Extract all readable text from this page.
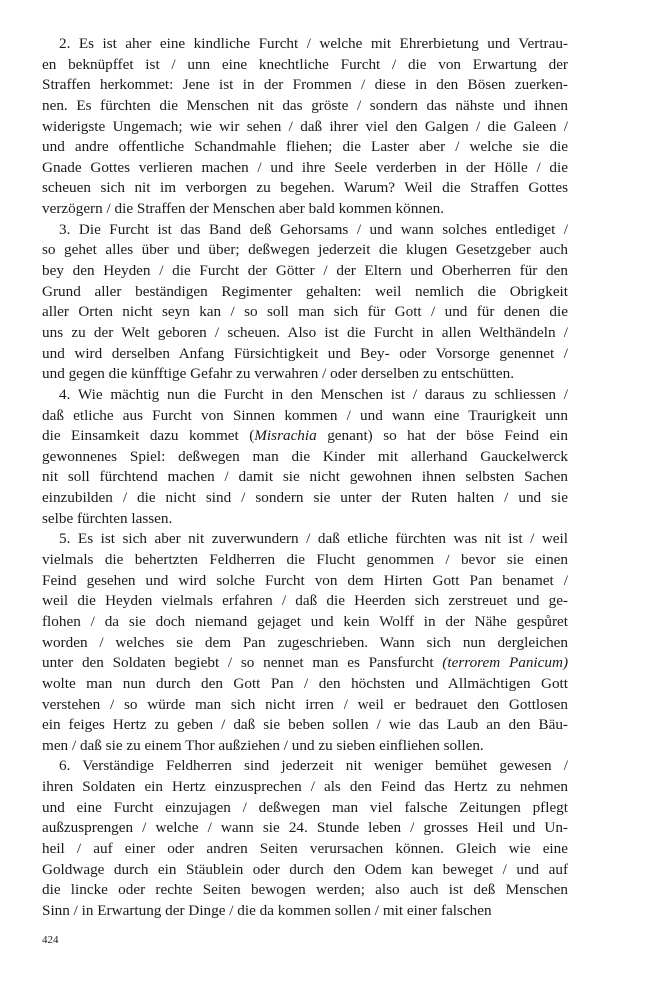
2. Es ist aher eine kindliche Furcht / welche mit Ehrerbietung und Vertrau-
en beknüpffet ist / unn eine knechtliche Furcht / die von Erwartung der
Straffen herkommet: Jene ist in der Frommen / diese in den Bösen zuerken-
nen. Es fürchten die Menschen nit das gröste / sondern das nähste und ihnen
widerigste Ungemach; wie wir sehen / daß ihrer viel den Galgen / die Galeen /
und andre offentliche Schandmahle fliehen; die Laster aber / welche sie die
Gnade Gottes verlieren machen / und ihre Seele verderben in der Hölle / die
scheuen sich nit im verborgen zu begehen. Warum? Weil die Straffen Gottes
verzögern / die Straffen der Menschen aber bald kommen können.
3. Die Furcht ist das Band deß Gehorsams / und wann solches entlediget /
so gehet alles über und über; deßwegen jederzeit die klugen Gesetzgeber auch
bey den Heyden / die Furcht der Götter / der Eltern und Oberherren für den
Grund aller beständigen Regimenter gehalten: weil nemlich die Obrigkeit
aller Orten nicht seyn kan / so soll man sich für Gott / und für denen die
uns zu der Welt geboren / scheuen. Also ist die Furcht in allen Welthändeln /
und wird derselben Anfang Fürsichtigkeit und Bey- oder Vorsorge genennet /
und gegen die künfftige Gefahr zu verwahren / oder derselben zu entschütten.
4. Wie mächtig nun die Furcht in den Menschen ist / daraus zu schliessen /
daß etliche aus Furcht von Sinnen kommen / und wann eine Traurigkeit unn
die Einsamkeit dazu kommet (Misrachia genant) so hat der böse Feind ein
gewonnenes Spiel: deßwegen man die Kinder mit allerhand Gauckelwerck
nit soll fürchtend machen / damit sie nicht gewohnen ihnen selbsten Sachen
einzubilden / die nicht sind / sondern sie unter der Ruten halten / und sie
selbe fürchten lassen.
5. Es ist sich aber nit zuverwundern / daß etliche fürchten was nit ist / weil
vielmals die behertzten Feldherren die Flucht genommen / bevor sie einen
Feind gesehen und wird solche Furcht von dem Hirten Gott Pan benamet /
weil die Heyden vielmals erfahren / daß die Heerden sich zerstreuet und ge-
flohen / da sie doch niemand gejaget und kein Wolff in der Nähe gespůret
worden / welches sie dem Pan zugeschrieben. Wann sich nun dergleichen
unter den Soldaten begiebt / so nennet man es Pansfurcht (terrorem Panicum)
wolte man nun durch den Gott Pan / den höchsten und Allmächtigen Gott
verstehen / so würde man sich nicht irren / weil er bedrauet den Gottlosen
ein feiges Hertz zu geben / daß sie beben sollen / wie das Laub an den Bäu-
men / daß sie zu einem Thor außziehen / und zu sieben einfliehen sollen.
6. Verständige Feldherren sind jederzeit nit weniger bemühet gewesen /
ihren Soldaten ein Hertz einzusprechen / als den Feind das Hertz zu nehmen
und eine Furcht einzujagen / deßwegen man viel falsche Zeitungen pflegt
außzusprengen / welche / wann sie 24. Stunde leben / grosses Heil und Un-
heil / auf einer oder andren Seiten verursachen können. Gleich wie eine
Goldwage durch ein Stäublein oder durch den Odem kan beweget / und auf
die lincke oder rechte Seiten bewogen werden; also auch ist deß Menschen
Sinn / in Erwartung der Dinge / die da kommen sollen / mit einer falschen
424
